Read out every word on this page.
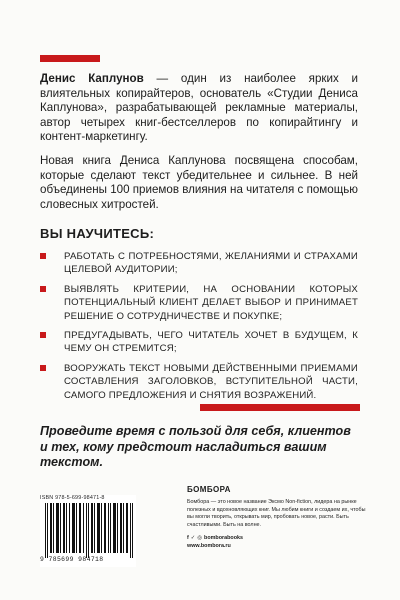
Денис Каплунов — один из наиболее ярких и влиятельных копирайтеров, основатель «Студии Дениса Каплунова», разрабатывающей рекламные материалы, автор четырех книг-бестселлеров по копирайтингу и контент-маркетингу.

Новая книга Дениса Каплунова посвящена способам, которые сделают текст убедительнее и сильнее. В ней объединены 100 приемов влияния на читателя с помощью словесных хитростей.

ВЫ НАУЧИТЕСЬ:
РАБОТАТЬ С ПОТРЕБНОСТЯМИ, ЖЕЛАНИЯМИ И СТРАХАМИ ЦЕЛЕВОЙ АУДИТОРИИ;
ВЫЯВЛЯТЬ КРИТЕРИИ, НА ОСНОВАНИИ КОТОРЫХ ПОТЕНЦИАЛЬНЫЙ КЛИЕНТ ДЕЛАЕТ ВЫБОР И ПРИНИМАЕТ РЕШЕНИЕ О СОТРУДНИЧЕСТВЕ И ПОКУПКЕ;
ПРЕДУГАДЫВАТЬ, ЧЕГО ЧИТАТЕЛЬ ХОЧЕТ В БУДУЩЕМ, К ЧЕМУ ОН СТРЕМИТСЯ;
ВООРУЖАТЬ ТЕКСТ НОВЫМИ ДЕЙСТВЕННЫМИ ПРИЕМАМИ СОСТАВЛЕНИЯ ЗАГОЛОВКОВ, ВСТУПИТЕЛЬНОЙ ЧАСТИ, САМОГО ПРЕДЛОЖЕНИЯ И СНЯТИЯ ВОЗРАЖЕНИЙ.
Проведите время с пользой для себя, клиентов и тех, кому предстоит насладиться вашим текстом.
ISBN 978-5-699-98471-8
9 785699 984718
БОМБОРА
Бомбора — это новое название Эксмо Non-fiction, лидера на рынке полезных и вдохновляющих книг. Мы любим книги и создаем их, чтобы вы могли творить, открывать мир, пробовать новое, расти. Быть счастливыми. Быть на волне.
f ✓ ◎ bomborabooks
www.bombora.ru
